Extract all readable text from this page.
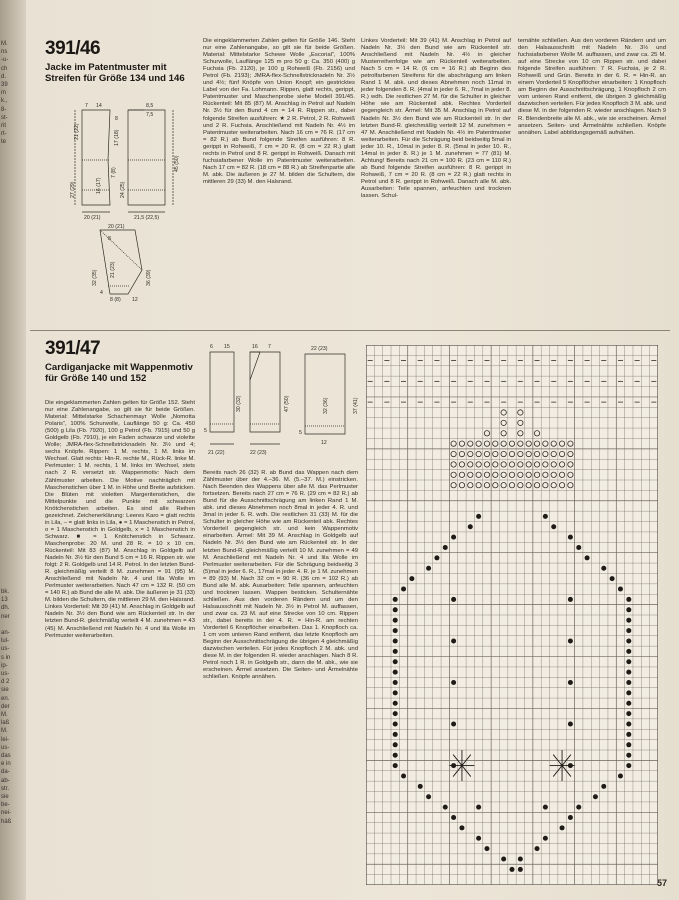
M.
ns
-u-
ch
d.
39
m
k.,
8-
st-
rit
rt-
te
bk.
13
dh.
ner

an-
lul-
us-
s in
ip-
us-
d 2
sie
en.
der
M.
laß
M.
lei-
us-
das
e in
da-
ab-
str.
sie
be-
nei-
häß
391/46
Jacke im Patentmuster mit Streifen für Größe 134 und 146
7 14	8,5
7,5
8
21 (22)	17 (18)
27 (29)	16 (17)
7 (8)
24 (25)
45 (50)
20 (21)	21,5 (22,5)
20 (21)
8
21 (23)
32 (35)	36 (39)
4
8 (8) 12
Die eingeklammerten Zahlen gelten für Größe 146. Steht nur eine Zahlenangabe, so gilt sie für beide Größen. Material: Mittelstarke Schewe Wolle „Escorial“, 100% Schurwolle, Lauflänge 125 m pro 50 g: Ca. 350 (400) g Fuchsia (Fb. 2120), je 100 g Rohweiß (Fb. 2156) und Petrol (Fb. 2193); JMRA-flex-Schnellstricknadeln Nr. 3½ und 4½; fünf Knöpfe von Union Knopf; ein gestricktes Label von der Fa. Lohmann. Rippen, glatt rechts, gerippt, Patentmuster und Maschenprobe siehe Modell 391/45. Rückenteil: Mit 85 (87) M. Anschlag in Petrol auf Nadeln Nr. 3½ für den Bund 4 cm = 14 R. Rippen str., dabei folgende Streifen ausführen: ★ 2 R. Petrol, 2 R. Rohweiß und 2 R. Fuchsia. Anschließend mit Nadeln Nr. 4½ im Patentmuster weiterarbeiten. Nach 16 cm = 76 R. (17 cm = 82 R.) ab Bund folgende Streifen ausführen: 8 R. gerippt in Rohweiß, 7 cm = 20 R. (8 cm = 22 R.) glatt rechts in Petrol und 8 R. gerippt in Rohweiß. Danach mit fuchsiafarbener Wolle im Patentmuster weiterarbeiten. Nach 17 cm = 82 R. (18 cm = 88 R.) ab Streifenpartie alle M. abk. Die äußeren je 27 M. bilden die Schultern, die mittleren 29 (33) M. den Halsrand.
Linkes Vorderteil: Mit 39 (41) M. Anschlag in Petrol auf Nadeln Nr. 3½ den Bund wie am Rückenteil str. Anschließend mit Nadeln Nr. 4½ in gleicher Musterreihenfolge wie am Rückenteil weiterarbeiten. Nach 5 cm = 14 R. (6 cm = 16 R.) ab Beginn des petrolfarbenen Streifens für die abschrägung am linken Rand 1 M. abk. und dieses Abnehmen noch 11mal in jeder folgenden 8. R. (4mal in jeder 6. R., 7mal in jeder 8. R.) wdh. Die restlichen 27 M. für die Schulter in gleicher Höhe wie am Rückenteil abk. Rechtes Vorderteil gegengleich str. Ärmel: Mit 35 M. Anschlag in Petrol auf Nadeln Nr. 3½ den Bund wie am Rückenteil str. In der letzten Bund-R. gleichmäßig verteilt 12 M. zunehmen = 47 M. Anschließend mit Nadeln Nr. 4½ im Patentmuster weiterarbeiten. Für die Schrägung beid beidseitig 5mal in jeder 10. R., 10mal in jeder 8. R. (5mal in jeder 10. R., 14mal in jeder 8. R.) je 1 M. zunehmen = 77 (81) M. Achtung! Bereits nach 21 cm = 100 R. (23 cm = 110 R.) ab Bund folgende Streifen ausführen: 8 R. gerippt in Rohweiß, 7 cm = 20 R. (8 cm = 22 R.) glatt rechts in Petrol und 8 R. gerippt in Rohweiß. Danach alle M. abk. Ausarbeiten: Teile spannen, anfeuchten und trocknen lassen. Schul-
ternähte schließen. Aus den vorderen Rändern und um den Halsausschnitt mit Nadeln Nr. 3½ und fuchsiafarbener Wolle M. auffassen, und zwar ca. 25 M. auf eine Strecke von 10 cm Rippen str. und dabei folgende Streifen ausführen: 7 R. Fuchsia, je 2 R. Rohweiß und Grün. Bereits in der 6. R. = Hin-R. an einem Vorderteil 5 Knopflöcher einarbeiten: 1 Knopfloch am Beginn der Ausschnittschrägung, 1 Knopfloch 2 cm vom unteren Rand entfernt, die übrigen 3 gleichmäßig dazwischen verteilen. Für jedes Knopfloch 3 M. abk. und diese M. in der folgenden R. wieder anschlagen. Nach 9 R. Blendenbreite alle M. abk., wie sie erscheinen. Ärmel ansetzen. Seiten- und Ärmelnähte schließen. Knöpfe annähen. Label abbildungsgemäß aufnähen.
391/47
Cardiganjacke mit Wappenmotiv für Größe 140 und 152
6 15	16 7
30 (32)	47 (50)
5
21 (22)	22 (23)
22 (23)
37 (41)
32 (36)
5
12
Die eingeklammerten Zahlen gelten für Größe 152. Steht nur eine Zahlenangabe, so gilt sie für beide Größen. Material: Mittelstarke Schachenmayr Wolle „Nomotta Polaris“, 100% Schurwolle, Lauflänge 50 g: Ca. 450 (500) g Lila (Fb. 7920), 100 g Petrol (Fb. 7915) und 50 g Goldgelb (Fb. 7910), je ein Faden schwarze und violette Wolle; JMRA-flex-Schnellstricknadeln Nr. 3½ und 4; sechs Knöpfe. Rippen: 1 M. rechts, 1 M. links im Wechsel. Glatt rechts: Hin-R. rechte M., Rück-R. linke M. Perlmuster: 1 M. rechts, 1 M. links im Wechsel, stets nach 2 R. versetzt str. Wappenmotiv: Nach dem Zählmuster arbeiten. Die Motive nachträglich mit Maschenstichen über 1 M. in Höhe und Breite aufsticken. Die Blüten mit violetten Margeritenstichen, die Mittelpunkte und die Punkte mit schwarzen Knötchenstichen arbeiten. Es sind alle Reihen gezeichnet. Zeichenerklärung: Leeres Karo = glatt rechts in Lila, – = glatt links in Lila, ● = 1 Maschenstich in Petrol, o = 1 Maschenstich in Goldgelb, x = 1 Maschenstich in Schwarz. ■ = 1 Knötchenstich in Schwarz. Maschenprobe: 20 M. und 28 R. = 10 x 10 cm. Rückenteil: Mit 83 (87) M. Anschlag in Goldgelb auf Nadeln Nr. 3½ für den Bund 5 cm = 16 R. Rippen str. wie folgt: 2 R. Goldgelb und 14 R. Petrol. In der letzten Bund-R. gleichmäßig verteilt 8 M. zunehmen = 91 (95) M. Anschließend mit Nadeln Nr. 4 und lila Wolle im Perlmuster weiterarbeiten. Nach 47 cm = 132 R. (50 cm = 140 R.) ab Bund die alle M. abk. Die äußeren je 31 (33) M. bilden die Schultern, die mittleren 29 M. den Halsrand. Linkes Vorderteil: Mit 39 (41) M. Anschlag in Goldgelb auf Nadeln Nr. 3½ den Bund wie am Rückenteil str. In der letzten Bund-R. gleichmäßig verteilt 4 M. zunehmen = 43 (45) M. Anschließend mit Nadeln Nr. 4 und lila Wolle im Perlmuster weiterarbeiten.
Bereits nach 26 (32) R. ab Bund das Wappen nach dem Zählmuster über der 4.–36. M. (5.–37. M.) einstricken. Nach Beenden des Wappens über alle M. das Perlmuster fortsetzen. Bereits nach 27 cm = 76 R. (29 cm = 82 R.) ab Bund für die Ausschnittschrägung am linken Rand 1 M. abk. und dieses Abnehmen noch 8mal in jeder 4. R. und 3mal in jeder 6. R. wdh. Die restlichen 31 (33) M. für die Schulter in gleicher Höhe wie am Rückenteil abk. Rechtes Vorderteil gegengleich str. und kein Wappenmotiv einarbeiten. Ärmel: Mit 39 M. Anschlag in Goldgelb auf Nadeln Nr. 3½ den Bund wie am Rückenteil str. In der letzten Bund-R. gleichmäßig verteilt 10 M. zunehmen = 49 M. Anschließend mit Nadeln Nr. 4 und lila Wolle im Perlmuster weiterarbeiten. Für die Schrägung beidseitig 3 (5)mal in jeder 6. R., 17mal in jeder 4. R. je 1 M. zunehmen = 89 (93) M. Nach 32 cm = 90 R. (36 cm = 102 R.) ab Bund alle M. abk. Ausarbeiten: Teile spannen, anfeuchten und trocknen lassen. Wappen besticken. Schulternähte schließen. Aus den vorderen Rändern und um den Halsausschnitt mit Nadeln Nr. 3½ in Petrol M. auffassen, und zwar ca. 23 M. auf eine Strecke von 10 cm. Rippen str., dabei bereits in der 4. R. = Hin-R. am rechten Vorderteil 6 Knopflöcher einarbeiten. Das 1. Knopfloch ca. 1 cm vom unteren Rand entfernt, das letzte Knopfloch am Beginn der Ausschnittschrägung die übrigen 4 gleichmäßig dazwischen verteilen. Für jedes Knopfloch 2 M. abk. und diese M. in der folgenden R. wieder anschlagen. Nach 8 R. Petrol noch 1 R. in Goldgelb str., dann die M. abk., wie sie erscheinen. Ärmel ansetzen. Die Seiten- und Ärmelnähte schließen. Knöpfe annähen.
57
